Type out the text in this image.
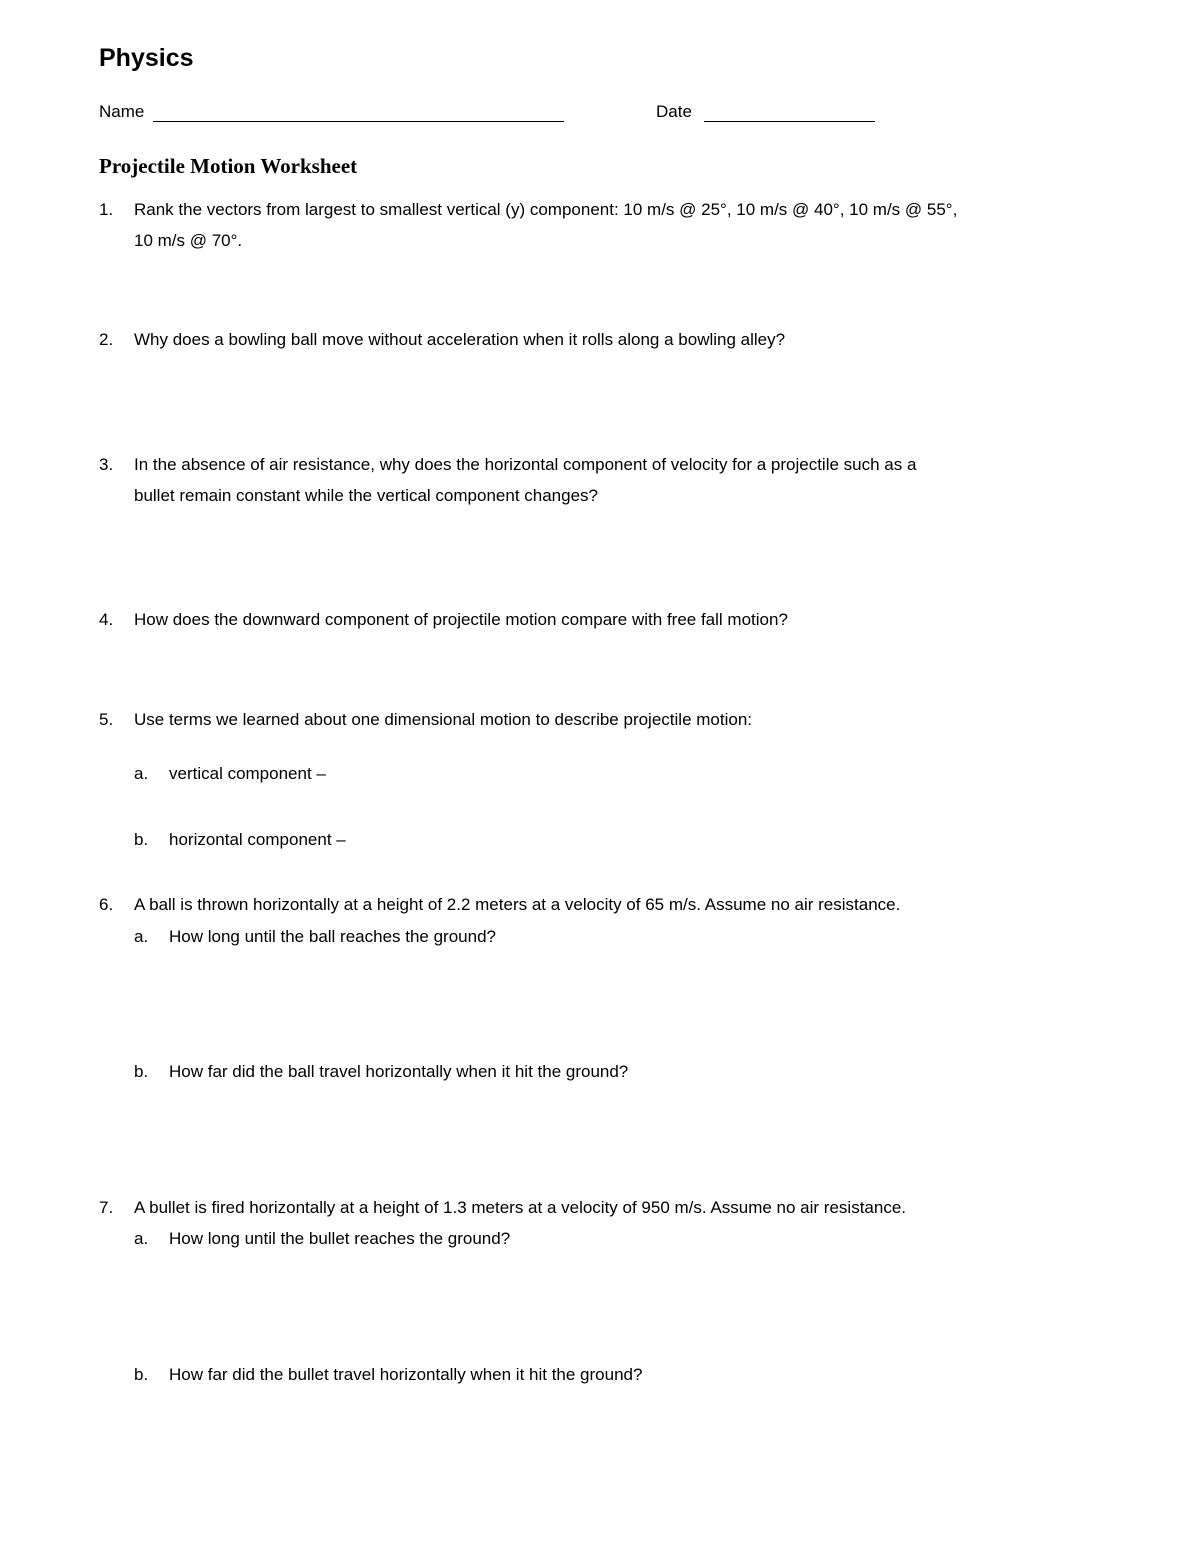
Physics
Name	Date
Projectile Motion Worksheet
1. Rank the vectors from largest to smallest vertical (y) component: 10 m/s @ 25°, 10 m/s @ 40°, 10 m/s @ 55°,
10 m/s @ 70°.
2. Why does a bowling ball move without acceleration when it rolls along a bowling alley?
3. In the absence of air resistance, why does the horizontal component of velocity for a projectile such as a
bullet remain constant while the vertical component changes?
4. How does the downward component of projectile motion compare with free fall motion?
5. Use terms we learned about one dimensional motion to describe projectile motion:
a. vertical component –
b. horizontal component –
6. A ball is thrown horizontally at a height of 2.2 meters at a velocity of 65 m/s. Assume no air resistance.
a. How long until the ball reaches the ground?
b. How far did the ball travel horizontally when it hit the ground?
7. A bullet is fired horizontally at a height of 1.3 meters at a velocity of 950 m/s. Assume no air resistance.
a. How long until the bullet reaches the ground?
b. How far did the bullet travel horizontally when it hit the ground?
